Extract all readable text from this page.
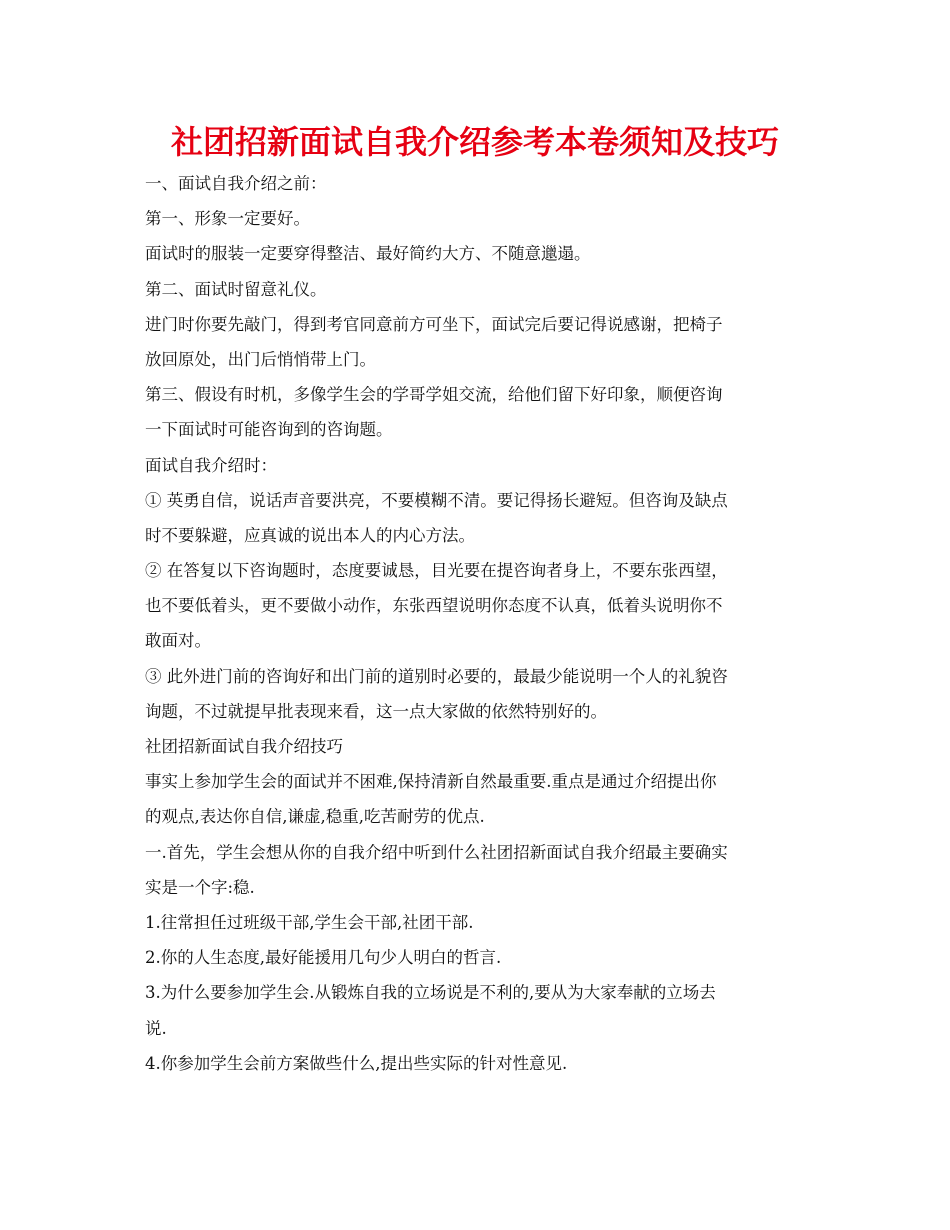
社团招新面试自我介绍参考本卷须知及技巧

一、面试自我介绍之前：

第一、形象一定要好。

面试时的服装一定要穿得整洁、最好简约大方、不随意邋遢。

第二、面试时留意礼仪。

进门时你要先敲门，得到考官同意前方可坐下，面试完后要记得说感谢，把椅子

放回原处，出门后悄悄带上门。

第三、假设有时机，多像学生会的学哥学姐交流，给他们留下好印象，顺便咨询

一下面试时可能咨询到的咨询题。

面试自我介绍时：

① 英勇自信，说话声音要洪亮，不要模糊不清。要记得扬长避短。但咨询及缺点

时不要躲避，应真诚的说出本人的内心方法。

② 在答复以下咨询题时，态度要诚恳，目光要在提咨询者身上，不要东张西望，

也不要低着头，更不要做小动作，东张西望说明你态度不认真，低着头说明你不

敢面对。

③ 此外进门前的咨询好和出门前的道别时必要的，最最少能说明一个人的礼貌咨

询题，不过就提早批表现来看，这一点大家做的依然特别好的。

社团招新面试自我介绍技巧

事实上参加学生会的面试并不困难,保持清新自然最重要.重点是通过介绍提出你

的观点,表达你自信,谦虚,稳重,吃苦耐劳的优点.

一.首先，学生会想从你的自我介绍中听到什么社团招新面试自我介绍最主要确实

实是一个字:稳.

1.往常担任过班级干部,学生会干部,社团干部.

2.你的人生态度,最好能援用几句少人明白的哲言.

3.为什么要参加学生会.从锻炼自我的立场说是不利的,要从为大家奉献的立场去

说.

4.你参加学生会前方案做些什么,提出些实际的针对性意见.
